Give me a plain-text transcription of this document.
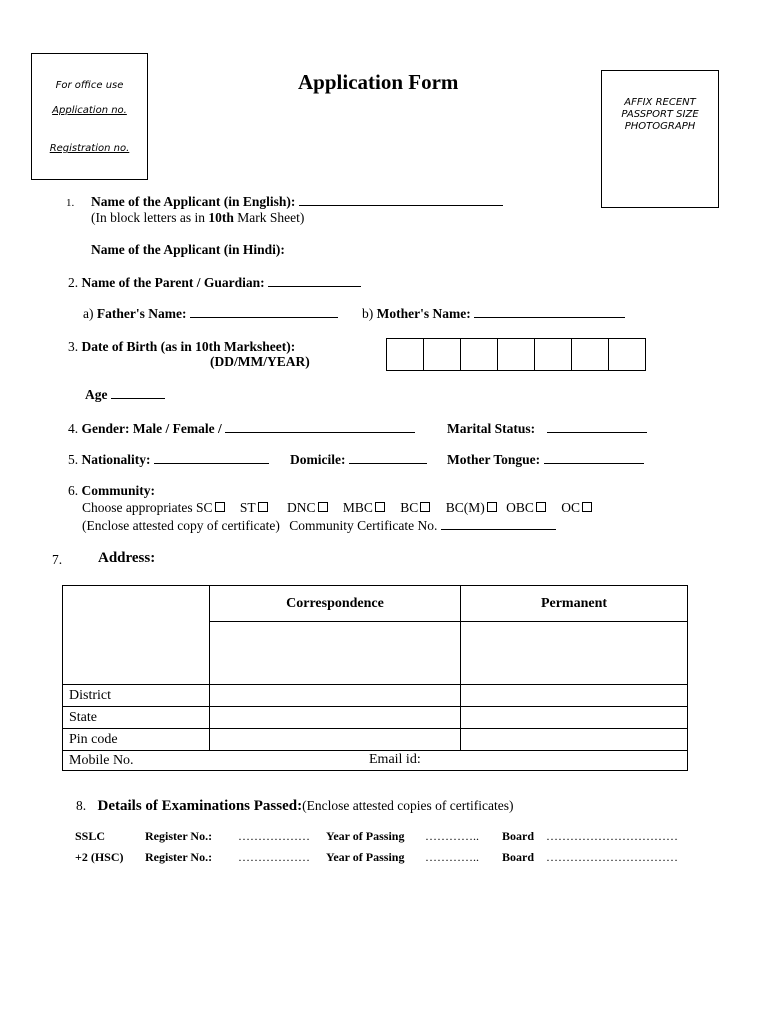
For office use
Application no.
Registration no.
Application Form
AFFIX RECENT
PASSPORT SIZE
PHOTOGRAPH
1. Name of the Applicant (in English):
(In block letters as in 10th Mark Sheet)
Name of the Applicant (in Hindi):
2. Name of the Parent / Guardian:
a) Father's Name:	b) Mother's Name:
3. Date of Birth (as in 10th Marksheet):
(DD/MM/YEAR)
Age
4. Gender: Male / Female /	Marital Status:
5. Nationality:	Domicile:	Mother Tongue:
6. Community:
Choose appropriates SC ST DNC MBC BC BC(M) OBC OC
(Enclose attested copy of certificate) Community Certificate No.
7. Address:
	Correspondence	Permanent

District		
State		
Pin code		
Mobile No. Email id:		
8. Details of Examinations Passed:(Enclose attested copies of certificates)
SSLC	Register No.: ……………… Year of Passing ………….. Board ……………………………
+2 (HSC) Register No.: ……………… Year of Passing ………….. Board ……………………………
